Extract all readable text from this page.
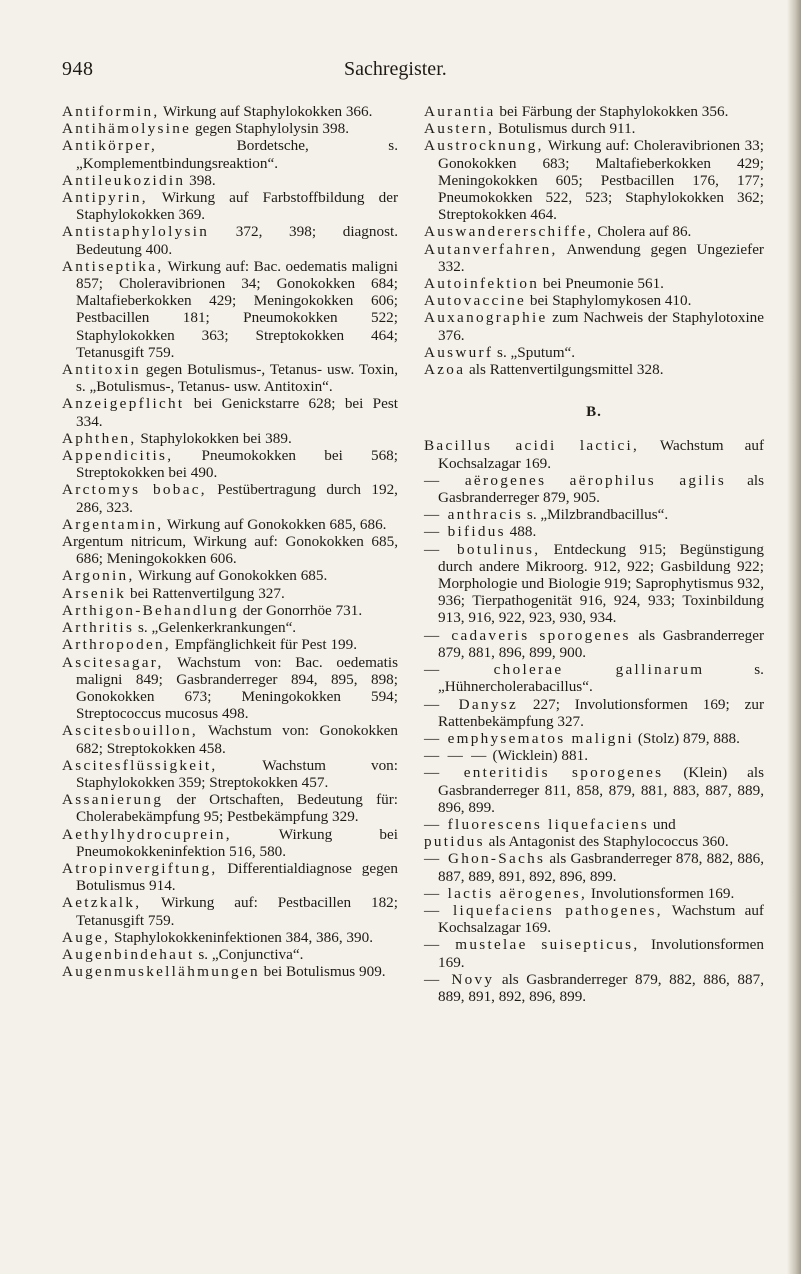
948	Sachregister.

Antiformin, Wirkung auf Staphylokokken 366.

Antihämolysine gegen Staphylolysin 398.

Antikörper, Bordetsche, s. „Komplementbindungsreaktion“.

Antileukozidin 398.

Antipyrin, Wirkung auf Farbstoffbildung der Staphylokokken 369.

Antistaphylolysin 372, 398; diagnost. Bedeutung 400.

Antiseptika, Wirkung auf: Bac. oedematis maligni 857; Choleravibrionen 34; Gonokokken 684; Maltafieberkokken 429; Meningokokken 606; Pestbacillen 181; Pneumokokken 522; Staphylokokken 363; Streptokokken 464; Tetanusgift 759.

Antitoxin gegen Botulismus-, Tetanus- usw. Toxin, s. „Botulismus-, Tetanus- usw. Antitoxin“.

Anzeigepflicht bei Genickstarre 628; bei Pest 334.

Aphthen, Staphylokokken bei 389.

Appendicitis, Pneumokokken bei 568; Streptokokken bei 490.

Arctomys bobac, Pestübertragung durch 192, 286, 323.

Argentamin, Wirkung auf Gonokokken 685, 686.

Argentum nitricum, Wirkung auf: Gonokokken 685, 686; Meningokokken 606.

Argonin, Wirkung auf Gonokokken 685.

Arsenik bei Rattenvertilgung 327.

Arthigon-Behandlung der Gonorrhöe 731.

Arthritis s. „Gelenkerkrankungen“.

Arthropoden, Empfänglichkeit für Pest 199.

Ascitesagar, Wachstum von: Bac. oedematis maligni 849; Gasbranderreger 894, 895, 898; Gonokokken 673; Meningokokken 594; Streptococcus mucosus 498.

Ascitesbouillon, Wachstum von: Gonokokken 682; Streptokokken 458.

Ascitesflüssigkeit, Wachstum von: Staphylokokken 359; Streptokokken 457.

Assanierung der Ortschaften, Bedeutung für: Cholerabekämpfung 95; Pestbekämpfung 329.

Aethylhydrocuprein, Wirkung bei Pneumokokkeninfektion 516, 580.

Atropinvergiftung, Differentialdiagnose gegen Botulismus 914.

Aetzkalk, Wirkung auf: Pestbacillen 182; Tetanusgift 759.

Auge, Staphylokokkeninfektionen 384, 386, 390.

Augenbindehaut s. „Conjunctiva“.

Augenmuskellähmungen bei Botulismus 909.

Aurantia bei Färbung der Staphylokokken 356.

Austern, Botulismus durch 911.

Austrocknung, Wirkung auf: Choleravibrionen 33; Gonokokken 683; Maltafieberkokken 429; Meningokokken 605; Pestbacillen 176, 177; Pneumokokken 522, 523; Staphylokokken 362; Streptokokken 464.

Auswandererschiffe, Cholera auf 86.

Autanverfahren, Anwendung gegen Ungeziefer 332.

Autoinfektion bei Pneumonie 561.

Autovaccine bei Staphylomykosen 410.

Auxanographie zum Nachweis der Staphylotoxine 376.

Auswurf s. „Sputum“.

Azoa als Rattenvertilgungsmittel 328.

B.

Bacillus acidi lactici, Wachstum auf Kochsalzagar 169.

— aërogenes aërophilus agilis als Gasbranderreger 879, 905.

— anthracis s. „Milzbrandbacillus“.

— bifidus 488.

— botulinus, Entdeckung 915; Begünstigung durch andere Mikroorg. 912, 922; Gasbildung 922; Morphologie und Biologie 919; Saprophytismus 932, 936; Tierpathogenität 916, 924, 933; Toxinbildung 913, 916, 922, 923, 930, 934.

— cadaveris sporogenes als Gasbranderreger 879, 881, 896, 899, 900.

— cholerae gallinarum s. „Hühnercholerabacillus“.

— Danysz 227; Involutionsformen 169; zur Rattenbekämpfung 327.

— emphysematos maligni (Stolz) 879, 888.

— — — (Wicklein) 881.

— enteritidis sporogenes (Klein) als Gasbranderreger 811, 858, 879, 881, 883, 887, 889, 896, 899.

— fluorescens liquefaciens und

putidus als Antagonist des Staphylococcus 360.

— Ghon-Sachs als Gasbranderreger 878, 882, 886, 887, 889, 891, 892, 896, 899.

— lactis aërogenes, Involutionsformen 169.

— liquefaciens pathogenes, Wachstum auf Kochsalzagar 169.

— mustelae suisepticus, Involutionsformen 169.

— Novy als Gasbranderreger 879, 882, 886, 887, 889, 891, 892, 896, 899.
